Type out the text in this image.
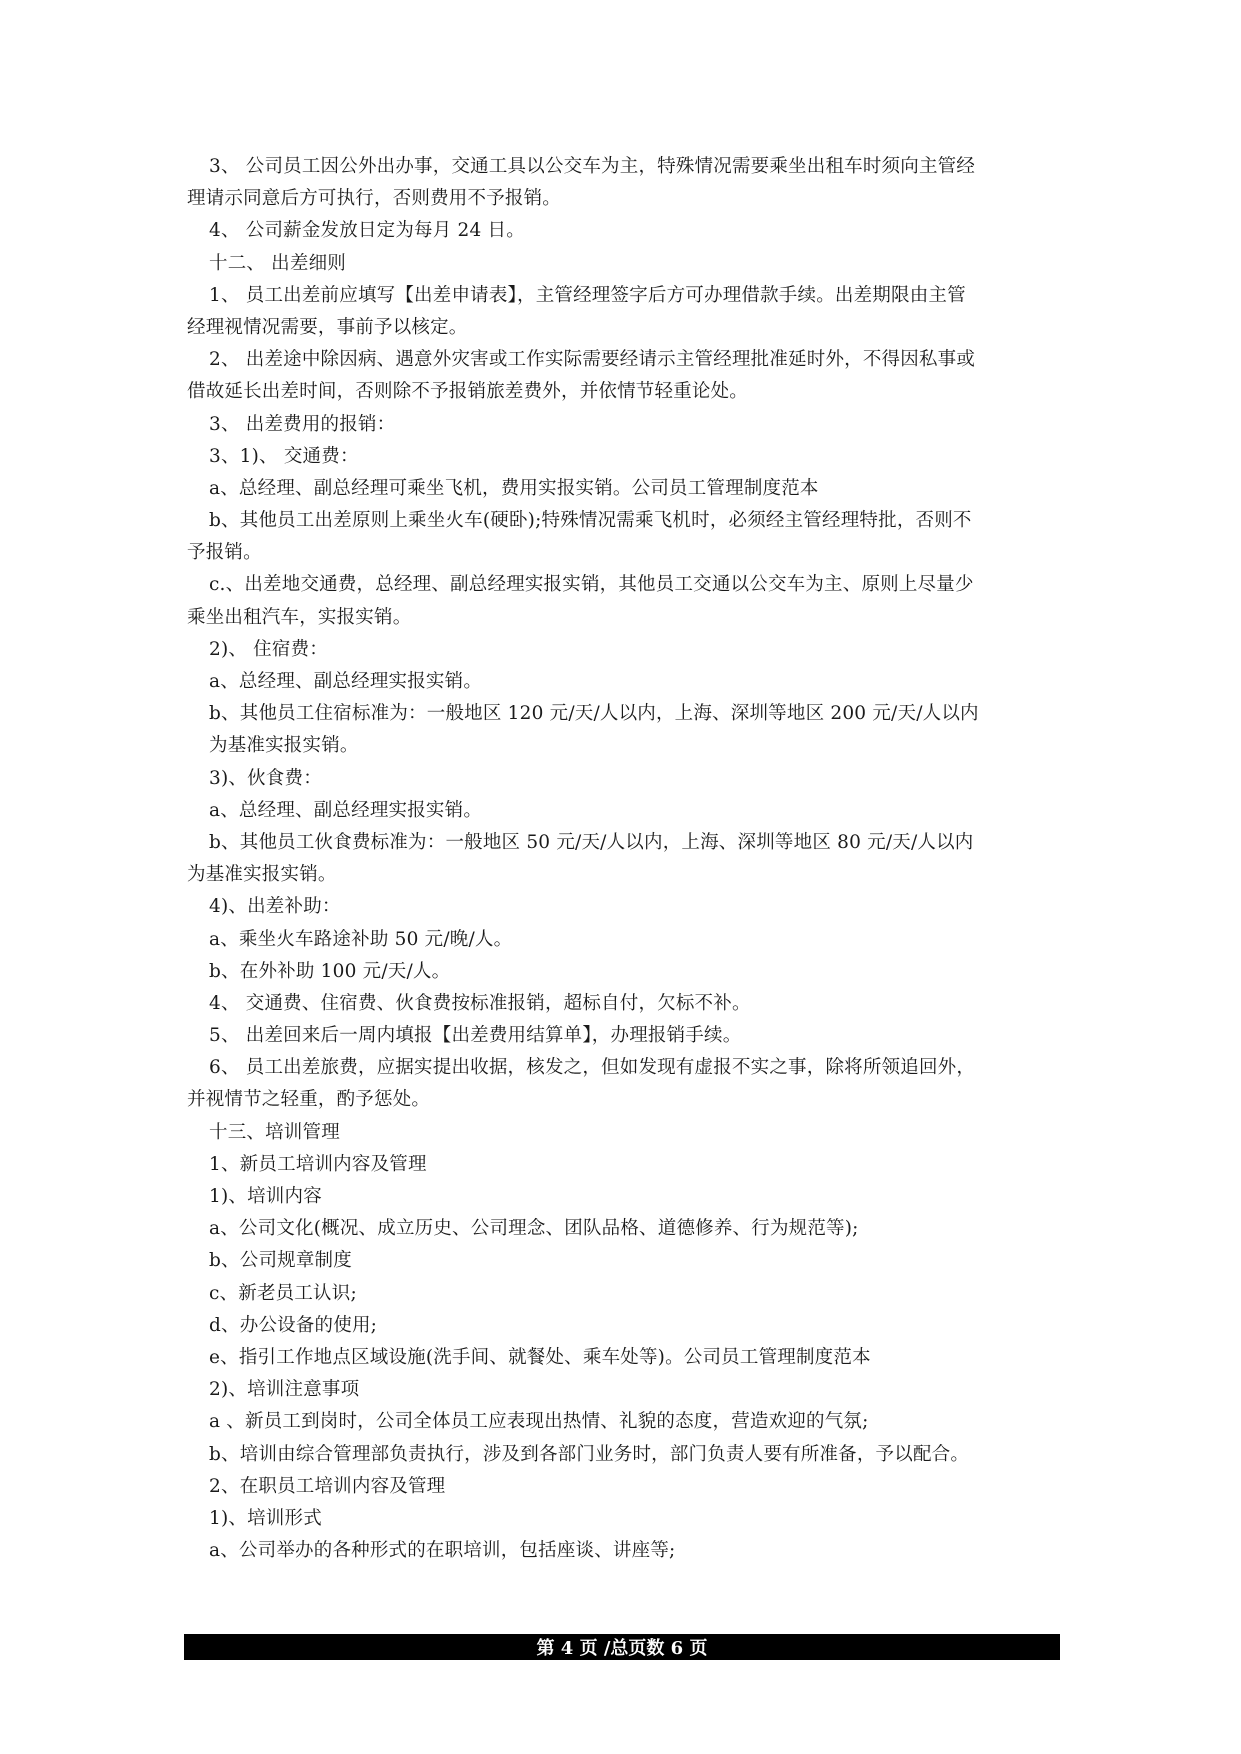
3、 公司员工因公外出办事，交通工具以公交车为主，特殊情况需要乘坐出租车时须向主管经
理请示同意后方可执行，否则费用不予报销。
4、 公司薪金发放日定为每月 24 日。
十二、 出差细则
1、 员工出差前应填写【出差申请表】，主管经理签字后方可办理借款手续。出差期限由主管
经理视情况需要，事前予以核定。
2、 出差途中除因病、遇意外灾害或工作实际需要经请示主管经理批准延时外，不得因私事或
借故延长出差时间，否则除不予报销旅差费外，并依情节轻重论处。
3、 出差费用的报销：
3、1)、 交通费：
a、总经理、副总经理可乘坐飞机，费用实报实销。公司员工管理制度范本
b、其他员工出差原则上乘坐火车(硬卧);特殊情况需乘飞机时，必须经主管经理特批，否则不
予报销。
c.、出差地交通费，总经理、副总经理实报实销，其他员工交通以公交车为主、原则上尽量少
乘坐出租汽车，实报实销。
2)、 住宿费：
a、总经理、副总经理实报实销。
b、其他员工住宿标准为：一般地区 120 元/天/人以内，上海、深圳等地区 200 元/天/人以内
为基准实报实销。
3)、伙食费：
a、总经理、副总经理实报实销。
b、其他员工伙食费标准为：一般地区 50 元/天/人以内，上海、深圳等地区 80 元/天/人以内
为基准实报实销。
4)、出差补助：
a、乘坐火车路途补助 50 元/晚/人。
b、在外补助 100 元/天/人。
4、 交通费、住宿费、伙食费按标准报销，超标自付，欠标不补。
5、 出差回来后一周内填报【出差费用结算单】，办理报销手续。
6、 员工出差旅费，应据实提出收据，核发之，但如发现有虚报不实之事，除将所领追回外，
并视情节之轻重，酌予惩处。
十三、培训管理
1、新员工培训内容及管理
1)、培训内容
a、公司文化(概况、成立历史、公司理念、团队品格、道德修养、行为规范等);
b、公司规章制度
c、新老员工认识;
d、办公设备的使用;
e、指引工作地点区域设施(洗手间、就餐处、乘车处等)。公司员工管理制度范本
2)、培训注意事项
a 、新员工到岗时，公司全体员工应表现出热情、礼貌的态度，营造欢迎的气氛;
b、培训由综合管理部负责执行，涉及到各部门业务时，部门负责人要有所准备，予以配合。
2、在职员工培训内容及管理
1)、培训形式
a、公司举办的各种形式的在职培训，包括座谈、讲座等;
第 4 页 /总页数 6 页
